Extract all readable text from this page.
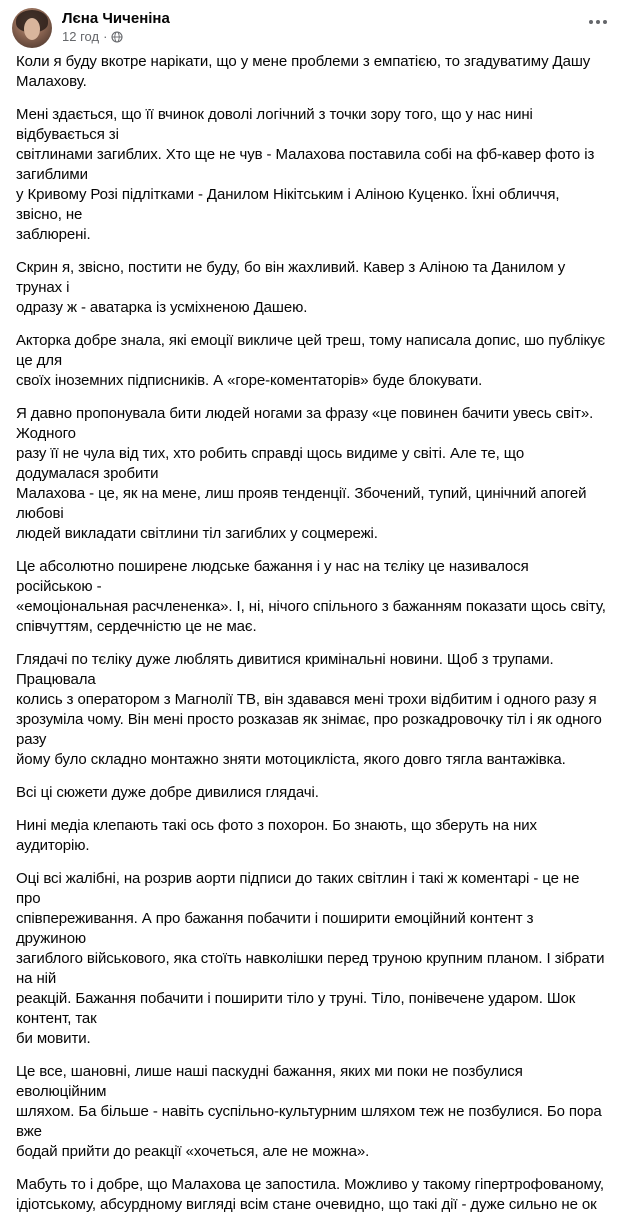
Лєна Чиченіна
12 год ·

Коли я буду вкотре нарікати, що у мене проблеми з емпатією, то згадуватиму Дашу Малахову.

Мені здається, що її вчинок доволі логічний з точки зору того, що у нас нині відбувається зі
світлинами загиблих. Хто ще не чув - Малахова поставила собі на фб-кавер фото із загиблими
у Кривому Розі підлітками - Данилом Нікітським і Аліною Куценко. Їхні обличчя, звісно, не
заблюрені.

Скрин я, звісно, постити не буду, бо він жахливий. Кавер з Аліною та Данилом у трунах і
одразу ж - аватарка із усміхненою Дашею.

Акторка добре знала, які емоції викличе цей треш, тому написала допис, шо публікує це для
своїх іноземних підписників. А «горе-коментаторів» буде блокувати.

Я давно пропонувала бити людей ногами за фразу «це повинен бачити увесь світ». Жодного
разу її не чула від тих, хто робить справді щось видиме у світі. Але те, що додумалася зробити
Малахова - це, як на мене, лиш прояв тенденції. Збочений, тупий, цинічний апогей любові
людей викладати світлини тіл загиблих у соцмережі.

Це абсолютно поширене людське бажання і у нас на тєліку це називалося російською -
«емоціональная расчлененка». І, ні, нічого спільного з бажанням показати щось світу,
співчуттям, сердечністю це не має.

Глядачі по тєліку дуже люблять дивитися кримінальні новини. Щоб з трупами. Працювала
колись з оператором з Магнолії ТВ, він здавався мені трохи відбитим і одного разу я
зрозуміла чому. Він мені просто розказав як знімає, про розкадровочку тіл і як одного разу
йому було складно монтажно зняти мотоцикліста, якого довго тягла вантажівка.

Всі ці сюжети дуже добре дивилися глядачі.

Нині медіа клепають такі ось фото з похорон. Бо знають, що зберуть на них аудиторію.

Оці всі жалібні, на розрив аорти підписи до таких світлин і такі ж коментарі - це не про
співпереживання. А про бажання побачити і поширити емоційний контент з дружиною
загиблого військового, яка стоїть навколішки перед труною крупним планом. І зібрати на ній
реакцій. Бажання побачити і поширити тіло у труні. Тіло, понівечене ударом. Шок контент, так
би мовити.

Це все, шановні, лише наші паскудні бажання, яких ми поки не позбулися еволюційним
шляхом. Ба більше - навіть суспільно-культурним шляхом теж не позбулися. Бо пора вже
бодай прийти до реакції «хочеться, але не можна».

Мабуть то і добре, що Малахова це запостила. Можливо у такому гіпертрофованому,
ідіотському, абсурдному вигляді всім стане очевидно, що такі дії - дуже сильно не ок
